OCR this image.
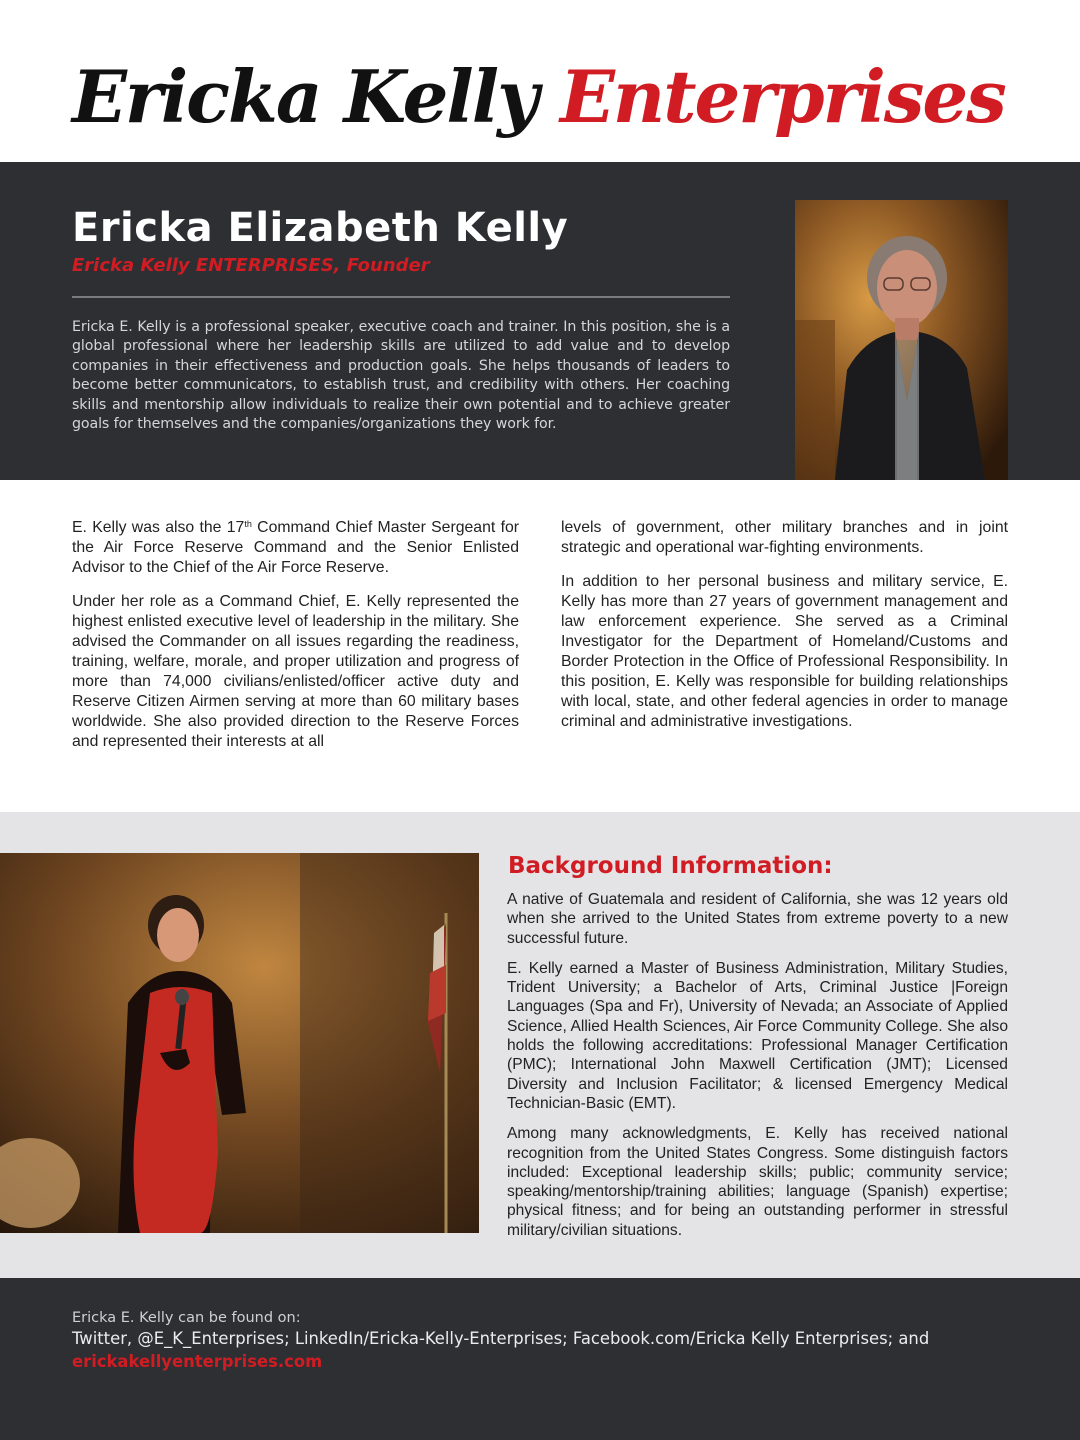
Ericka Kelly Enterprises
Ericka Elizabeth Kelly
Ericka Kelly ENTERPRISES, Founder

Ericka E. Kelly is a professional speaker, executive coach and trainer. In this position, she is a global professional where her leadership skills are utilized to add value and to develop companies in their effectiveness and production goals. She helps thousands of leaders to become better communicators, to establish trust, and credibility with others. Her coaching skills and mentorship allow individuals to realize their own potential and to achieve greater goals for themselves and the companies/organizations they work for.

E. Kelly was also the 17th Command Chief Master Sergeant for the Air Force Reserve Command and the Senior Enlisted Advisor to the Chief of the Air Force Reserve.

Under her role as a Command Chief, E. Kelly represented the highest enlisted executive level of leadership in the military. She advised the Commander on all issues regarding the readiness, training, welfare, morale, and proper utilization and progress of more than 74,000 civilians/enlisted/officer active duty and Reserve Citizen Airmen serving at more than 60 military bases worldwide. She also provided direction to the Reserve Forces and represented their interests at all

levels of government, other military branches and in joint strategic and operational war-fighting environments.

In addition to her personal business and military service, E. Kelly has more than 27 years of government management and law enforcement experience. She served as a Criminal Investigator for the Department of Homeland/Customs and Border Protection in the Office of Professional Responsibility. In this position, E. Kelly was responsible for building relationships with local, state, and other federal agencies in order to manage criminal and administrative investigations.

Background Information:

A native of Guatemala and resident of California, she was 12 years old when she arrived to the United States from extreme poverty to a new successful future.

E. Kelly earned a Master of Business Administration, Military Studies, Trident University; a Bachelor of Arts, Criminal Justice |Foreign Languages (Spa and Fr), University of Nevada; an Associate of Applied Science, Allied Health Sciences, Air Force Community College. She also holds the following accreditations: Professional Manager Certification (PMC); International John Maxwell Certification (JMT); Licensed Diversity and Inclusion Facilitator; & licensed Emergency Medical Technician-Basic (EMT).

Among many acknowledgments, E. Kelly has received national recognition from the United States Congress. Some distinguish factors included: Exceptional leadership skills; public; community service; speaking/mentorship/training abilities; language (Spanish) expertise; physical fitness; and for being an outstanding performer in stressful military/civilian situations.

Ericka E. Kelly can be found on:
Twitter, @E_K_Enterprises; LinkedIn/Ericka-Kelly-Enterprises; Facebook.com/Ericka Kelly Enterprises; and
erickakellyenterprises.com
